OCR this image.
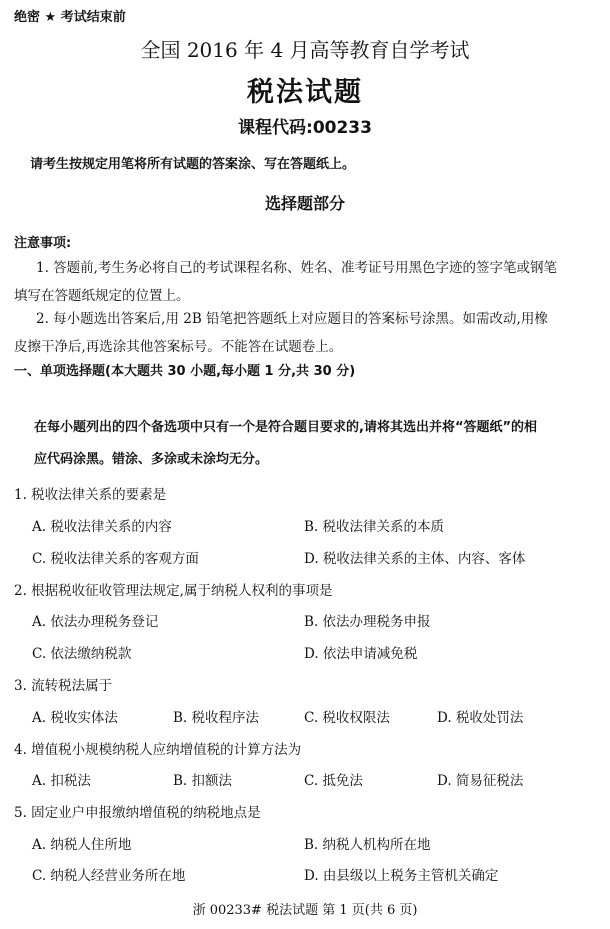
绝密 ★ 考试结束前
全国 2016 年 4 月高等教育自学考试
税法试题
课程代码:00233
请考生按规定用笔将所有试题的答案涂、写在答题纸上。
选择题部分
注意事项:
1. 答题前,考生务必将自己的考试课程名称、姓名、准考证号用黑色字迹的签字笔或钢笔
填写在答题纸规定的位置上。
2. 每小题选出答案后,用 2B 铅笔把答题纸上对应题目的答案标号涂黑。如需改动,用橡
皮擦干净后,再选涂其他答案标号。不能答在试题卷上。
一、单项选择题(本大题共 30 小题,每小题 1 分,共 30 分)
在每小题列出的四个备选项中只有一个是符合题目要求的,请将其选出并将“答题纸”的相
应代码涂黑。错涂、多涂或未涂均无分。
1. 税收法律关系的要素是
A. 税收法律关系的内容	B. 税收法律关系的本质
C. 税收法律关系的客观方面	D. 税收法律关系的主体、内容、客体
2. 根据税收征收管理法规定,属于纳税人权利的事项是
A. 依法办理税务登记	B. 依法办理税务申报
C. 依法缴纳税款	D. 依法申请减免税
3. 流转税法属于
A. 税收实体法	B. 税收程序法	C. 税收权限法	D. 税收处罚法
4. 增值税小规模纳税人应纳增值税的计算方法为
A. 扣税法	B. 扣额法	C. 抵免法	D. 简易征税法
5. 固定业户申报缴纳增值税的纳税地点是
A. 纳税人住所地	B. 纳税人机构所在地
C. 纳税人经营业务所在地	D. 由县级以上税务主管机关确定
浙 00233# 税法试题 第 1 页(共 6 页)
